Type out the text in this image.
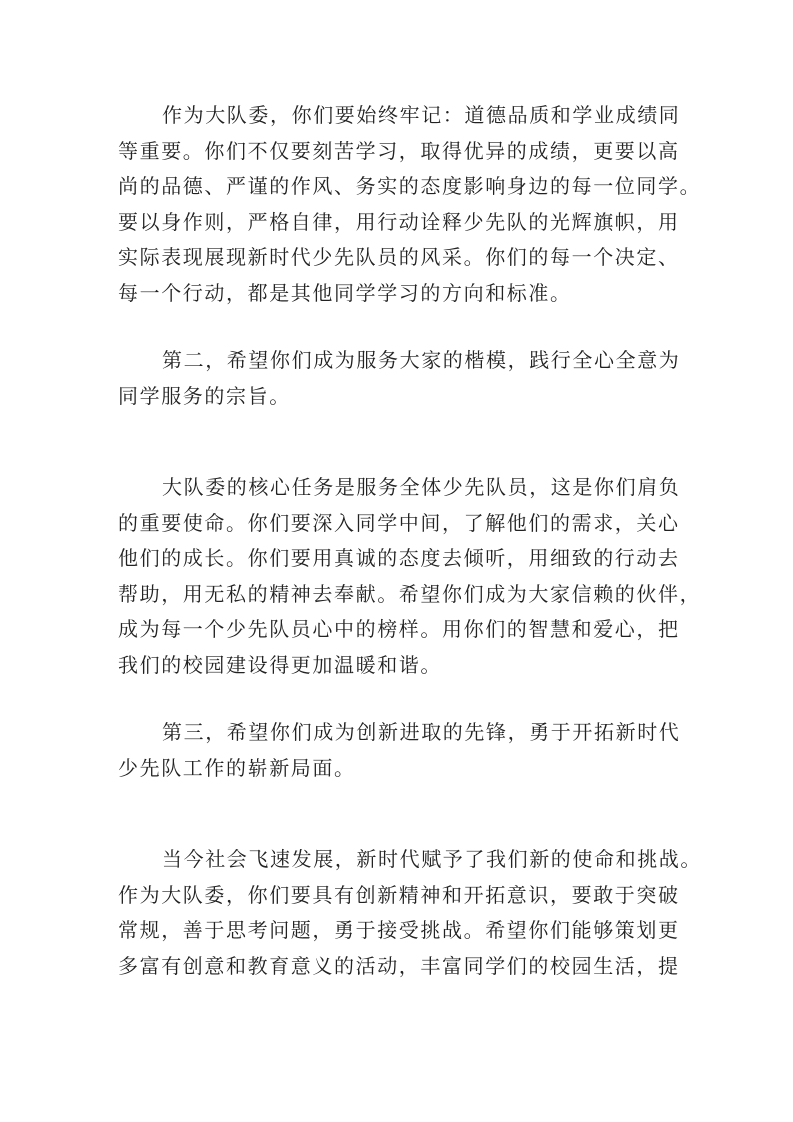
作为大队委，你们要始终牢记：道德品质和学业成绩同
等重要。你们不仅要刻苦学习，取得优异的成绩，更要以高
尚的品德、严谨的作风、务实的态度影响身边的每一位同学。
要以身作则，严格自律，用行动诠释少先队的光辉旗帜，用
实际表现展现新时代少先队员的风采。你们的每一个决定、
每一个行动，都是其他同学学习的方向和标准。

第二，希望你们成为服务大家的楷模，践行全心全意为
同学服务的宗旨。

大队委的核心任务是服务全体少先队员，这是你们肩负
的重要使命。你们要深入同学中间，了解他们的需求，关心
他们的成长。你们要用真诚的态度去倾听，用细致的行动去
帮助，用无私的精神去奉献。希望你们成为大家信赖的伙伴，
成为每一个少先队员心中的榜样。用你们的智慧和爱心，把
我们的校园建设得更加温暖和谐。

第三，希望你们成为创新进取的先锋，勇于开拓新时代
少先队工作的崭新局面。

当今社会飞速发展，新时代赋予了我们新的使命和挑战。
作为大队委，你们要具有创新精神和开拓意识，要敢于突破
常规，善于思考问题，勇于接受挑战。希望你们能够策划更
多富有创意和教育意义的活动，丰富同学们的校园生活，提
